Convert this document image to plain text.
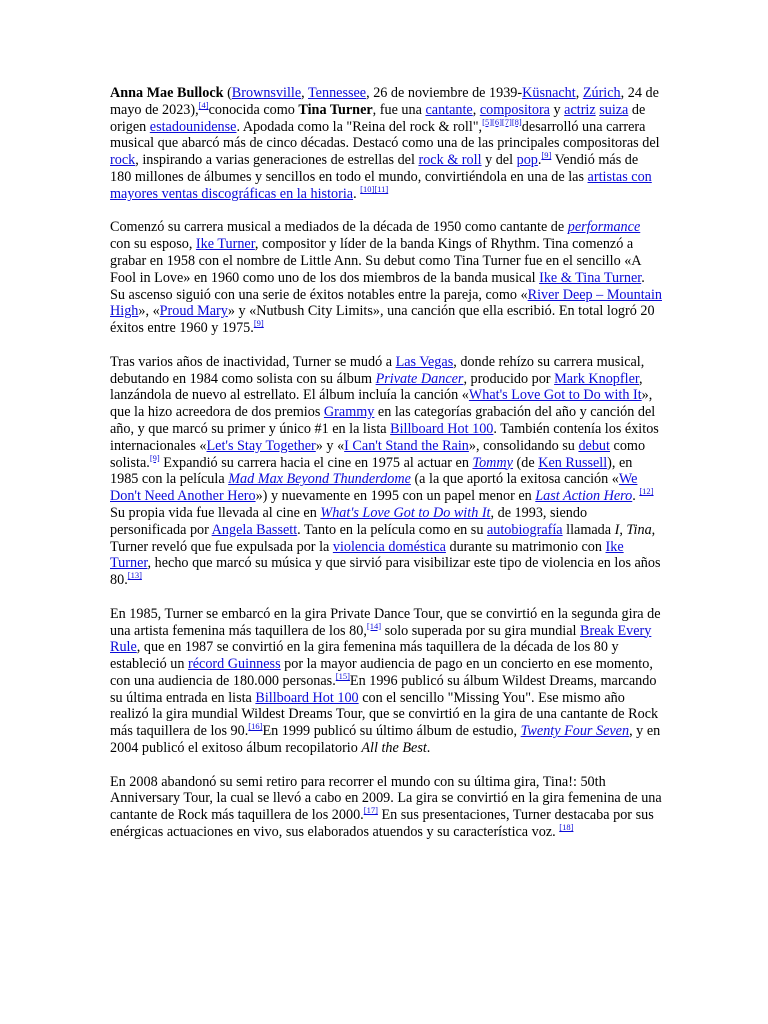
Anna Mae Bullock (Brownsville, Tennessee, 26 de noviembre de 1939-Küsnacht, Zúrich, 24 de mayo de 2023),[4]conocida como Tina Turner, fue una cantante, compositora y actriz suiza de origen estadounidense. Apodada como la "Reina del rock & roll",[5][6][7][8]desarrolló una carrera musical que abarcó más de cinco décadas. Destacó como una de las principales compositoras del rock, inspirando a varias generaciones de estrellas del rock & roll y del pop.[9] Vendió más de 180 millones de álbumes y sencillos en todo el mundo, convirtiéndola en una de las artistas con mayores ventas discográficas en la historia. [10][11]

Comenzó su carrera musical a mediados de la década de 1950 como cantante de performance con su esposo, Ike Turner, compositor y líder de la banda Kings of Rhythm. Tina comenzó a grabar en 1958 con el nombre de Little Ann. Su debut como Tina Turner fue en el sencillo «A Fool in Love» en 1960 como uno de los dos miembros de la banda musical Ike & Tina Turner. Su ascenso siguió con una serie de éxitos notables entre la pareja, como «River Deep – Mountain High», «Proud Mary» y «Nutbush City Limits», una canción que ella escribió. En total logró 20 éxitos entre 1960 y 1975.[9]

Tras varios años de inactividad, Turner se mudó a Las Vegas, donde rehízo su carrera musical, debutando en 1984 como solista con su álbum Private Dancer, producido por Mark Knopfler, lanzándola de nuevo al estrellato. El álbum incluía la canción «What's Love Got to Do with It», que la hizo acreedora de dos premios Grammy en las categorías grabación del año y canción del año, y que marcó su primer y único #1 en la lista Billboard Hot 100. También contenía los éxitos internacionales «Let's Stay Together» y «I Can't Stand the Rain», consolidando su debut como solista.[9] Expandió su carrera hacia el cine en 1975 al actuar en Tommy (de Ken Russell), en 1985 con la película Mad Max Beyond Thunderdome (a la que aportó la exitosa canción «We Don't Need Another Hero») y nuevamente en 1995 con un papel menor en Last Action Hero. [12] Su propia vida fue llevada al cine en What's Love Got to Do with It, de 1993, siendo personificada por Angela Bassett. Tanto en la película como en su autobiografía llamada I, Tina, Turner reveló que fue expulsada por la violencia doméstica durante su matrimonio con Ike Turner, hecho que marcó su música y que sirvió para visibilizar este tipo de violencia en los años 80.[13]

En 1985, Turner se embarcó en la gira Private Dance Tour, que se convirtió en la segunda gira de una artista femenina más taquillera de los 80,[14] solo superada por su gira mundial Break Every Rule, que en 1987 se convirtió en la gira femenina más taquillera de la década de los 80 y estableció un récord Guinness por la mayor audiencia de pago en un concierto en ese momento, con una audiencia de 180.000 personas.[15]En 1996 publicó su álbum Wildest Dreams, marcando su última entrada en lista Billboard Hot 100 con el sencillo "Missing You". Ese mismo año realizó la gira mundial Wildest Dreams Tour, que se convirtió en la gira de una cantante de Rock más taquillera de los 90.[16]En 1999 publicó su último álbum de estudio, Twenty Four Seven, y en 2004 publicó el exitoso álbum recopilatorio All the Best.

En 2008 abandonó su semi retiro para recorrer el mundo con su última gira, Tina!: 50th Anniversary Tour, la cual se llevó a cabo en 2009. La gira se convirtió en la gira femenina de una cantante de Rock más taquillera de los 2000.[17] En sus presentaciones, Turner destacaba por sus enérgicas actuaciones en vivo, sus elaborados atuendos y su característica voz. [18]
